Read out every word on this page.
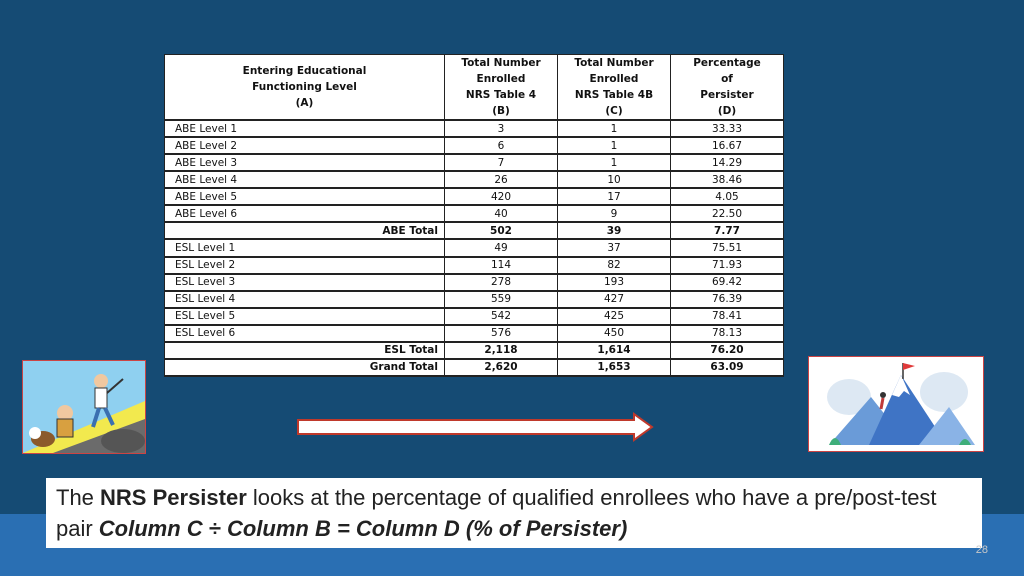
Entering Educational
Functioning Level
(A)	Total Number
Enrolled
NRS Table 4
(B)	Total Number
Enrolled
NRS Table 4B
(C)	Percentage
of
Persister
(D)

ABE Level 1	3	1	33.33
ABE Level 2	6	1	16.67
ABE Level 3	7	1	14.29
ABE Level 4	26	10	38.46
ABE Level 5	420	17	4.05
ABE Level 6	40	9	22.50
ABE Total	502	39	7.77
ESL Level 1	49	37	75.51
ESL Level 2	114	82	71.93
ESL Level 3	278	193	69.42
ESL Level 4	559	427	76.39
ESL Level 5	542	425	78.41
ESL Level 6	576	450	78.13
ESL Total	2,118	1,614	76.20
Grand Total	2,620	1,653	63.09
The NRS Persister looks at the percentage of qualified enrollees who have a pre/post-test pair Column C ÷ Column B = Column D (% of Persister)
28
